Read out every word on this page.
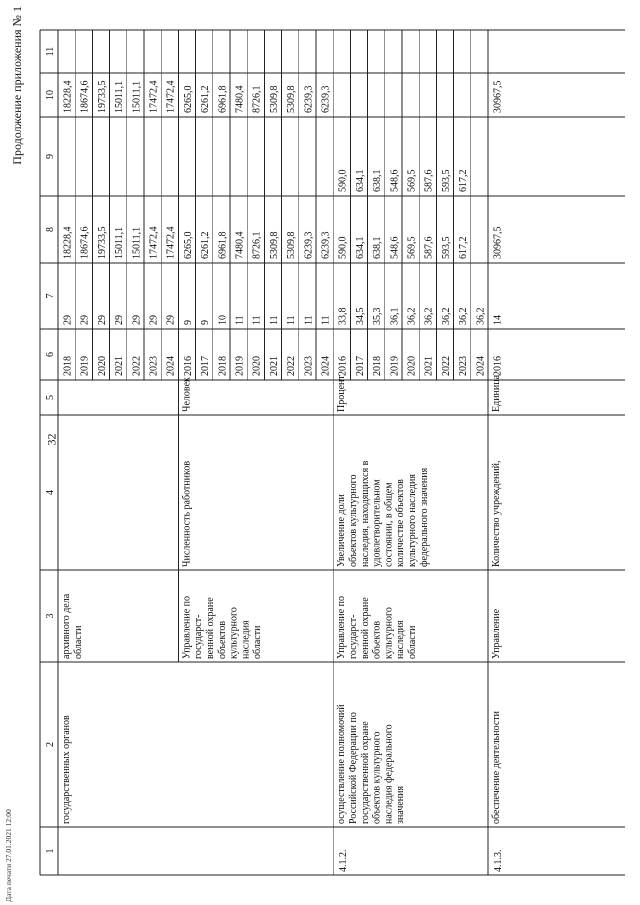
32
Продолжение приложения № 1
1
2
3
4
5
6
7
8
9
10
11
2018
29
18228,4
18228,4
2019
29
18674,6
18674,6
2020
29
19733,5
19733,5
2021
29
15011,1
15011,1
2022
29
15011,1
15011,1
2023
29
17472,4
17472,4
2024
29
17472,4
17472,4
государственных органов
архивного дела области
2016
9
6265,0
6265,0
2017
9
6261,2
6261,2
2018
10
6961,8
6961,8
2019
11
7480,4
7480,4
2020
11
8726,1
8726,1
2021
11
5309,8
5309,8
2022
11
5309,8
5309,8
2023
11
6239,3
6239,3
2024
11
6239,3
6239,3
Управление по государст- венной охране объектов культурного наследия области
Численность работников
Человек
2016
33,8
590,0
590,0
2017
34,5
634,1
634,1
2018
35,3
638,1
638,1
2019
36,1
548,6
548,6
2020
36,2
569,5
569,5
2021
36,2
587,6
587,6
2022
36,2
593,5
593,5
2023
36,2
617,2
617,2
2024
36,2
4.1.2.
осуществление полномочий Российской Федерации по государственной охране объектов культурного наследия федерального значения
Управление по государст- венной охране объектов культурного наследия области
Увеличение доли объектов культурного наследия, находящихся в удовлетворительном состоянии, в общем количестве объектов культурного наследия федерального значения
Процент
2016
14
30967,5
30967,5
4.1.3.
обеспечение деятельности
Управление
Количество учреждений,
Единица
Дата печати 27.01.2021 12:00
